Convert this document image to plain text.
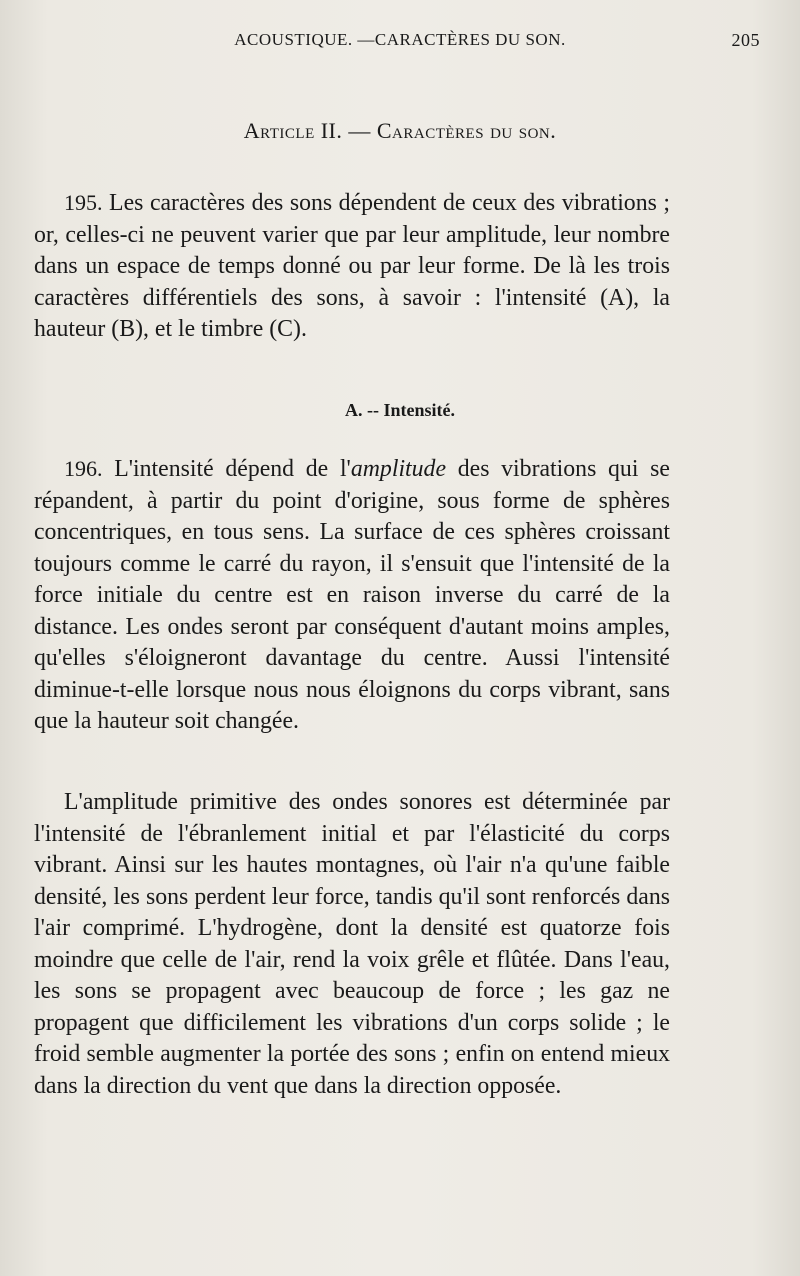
ACOUSTIQUE. —CARACTÈRES DU SON.	205
Article II. — Caractères du son.

195. Les caractères des sons dépendent de ceux des vibrations ; or, celles-ci ne peuvent varier que par leur amplitude, leur nombre dans un espace de temps donné ou par leur forme. De là les trois caractères différentiels des sons, à savoir : l'intensité (A), la hauteur (B), et le timbre (C).

A. -- Intensité.

196. L'intensité dépend de l'amplitude des vibrations qui se répandent, à partir du point d'origine, sous forme de sphères concentriques, en tous sens. La surface de ces sphères croissant toujours comme le carré du rayon, il s'ensuit que l'intensité de la force initiale du centre est en raison inverse du carré de la distance. Les ondes seront par conséquent d'autant moins amples, qu'elles s'éloigneront davantage du centre. Aussi l'intensité diminue-t-elle lorsque nous nous éloignons du corps vibrant, sans que la hauteur soit changée.

L'amplitude primitive des ondes sonores est déterminée par l'intensité de l'ébranlement initial et par l'élasticité du corps vibrant. Ainsi sur les hautes montagnes, où l'air n'a qu'une faible densité, les sons perdent leur force, tandis qu'il sont renforcés dans l'air comprimé. L'hydrogène, dont la densité est quatorze fois moindre que celle de l'air, rend la voix grêle et flûtée. Dans l'eau, les sons se propagent avec beaucoup de force ; les gaz ne propagent que difficilement les vibrations d'un corps solide ; le froid semble augmenter la portée des sons ; enfin on entend mieux dans la direction du vent que dans la direction opposée.
